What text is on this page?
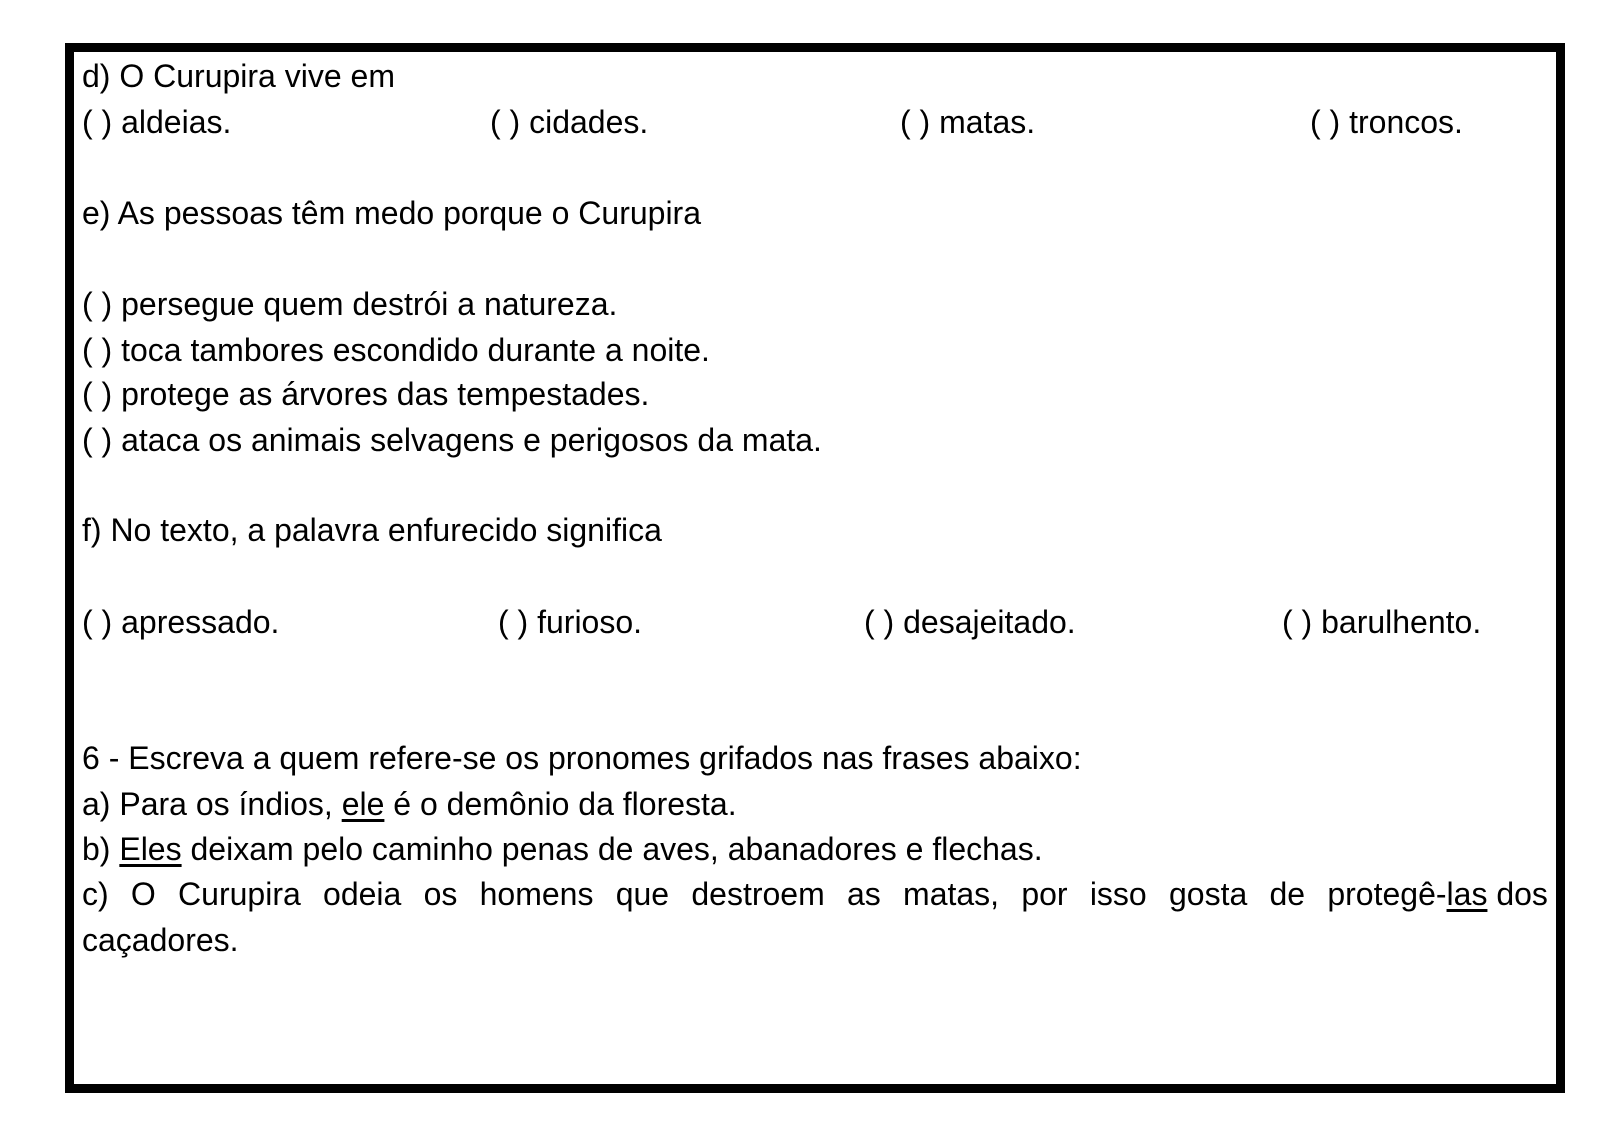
d) O Curupira vive em
( ) aldeias.	( ) cidades.	( ) matas.	( ) troncos.
e) As pessoas têm medo porque o Curupira
( ) persegue quem destrói a natureza.
( ) toca tambores escondido durante a noite.
( ) protege as árvores das tempestades.
( ) ataca os animais selvagens e perigosos da mata.
f) No texto, a palavra enfurecido significa
( ) apressado.	( ) furioso.	( ) desajeitado.	( ) barulhento.
6 - Escreva a quem refere-se os pronomes grifados nas frases abaixo:
a) Para os índios, ele é o demônio da floresta.
b) Eles deixam pelo caminho penas de aves, abanadores e flechas.
c) O Curupira odeia os homens que destroem as matas, por isso gosta de protegê-las dos
caçadores.
